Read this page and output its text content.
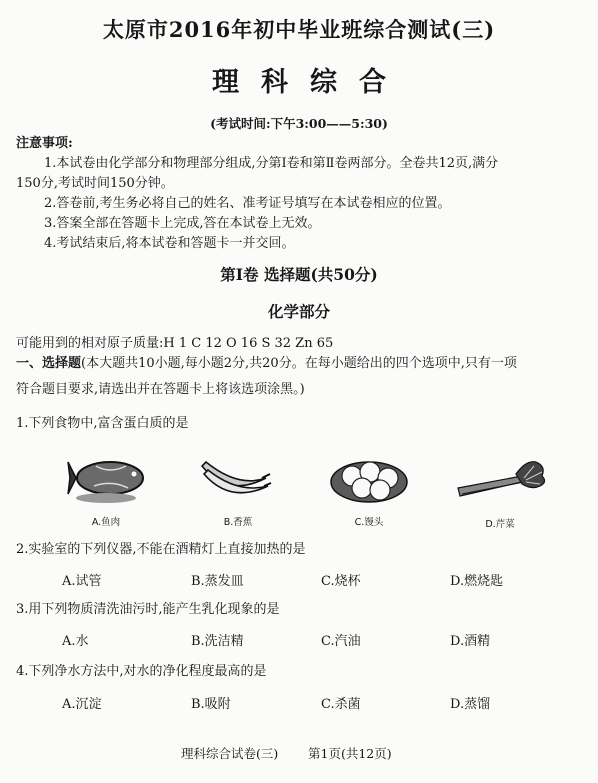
太原市2016年初中毕业班综合测试(三)
理科综合
(考试时间:下午3:00——5:30)
注意事项:
1.本试卷由化学部分和物理部分组成,分第Ⅰ卷和第Ⅱ卷两部分。全卷共12页,满分
150分,考试时间150分钟。
2.答卷前,考生务必将自己的姓名、准考证号填写在本试卷相应的位置。
3.答案全部在答题卡上完成,答在本试卷上无效。
4.考试结束后,将本试卷和答题卡一并交回。
第Ⅰ卷 选择题(共50分)
化学部分
可能用到的相对原子质量:H 1 C 12 O 16 S 32 Zn 65
一、选择题(本大题共10小题,每小题2分,共20分。在每小题给出的四个选项中,只有一项
符合题目要求,请选出并在答题卡上将该选项涂黑。)
1.下列食物中,富含蛋白质的是
A.鱼肉	B.香蕉	C.馒头	D.芹菜
2.实验室的下列仪器,不能在酒精灯上直接加热的是
A.试管	B.蒸发皿	C.烧杯	D.燃烧匙
3.用下列物质清洗油污时,能产生乳化现象的是
A.水	B.洗洁精	C.汽油	D.酒精
4.下列净水方法中,对水的净化程度最高的是
A.沉淀	B.吸附	C.杀菌	D.蒸馏
理科综合试卷(三) 第1页(共12页)
